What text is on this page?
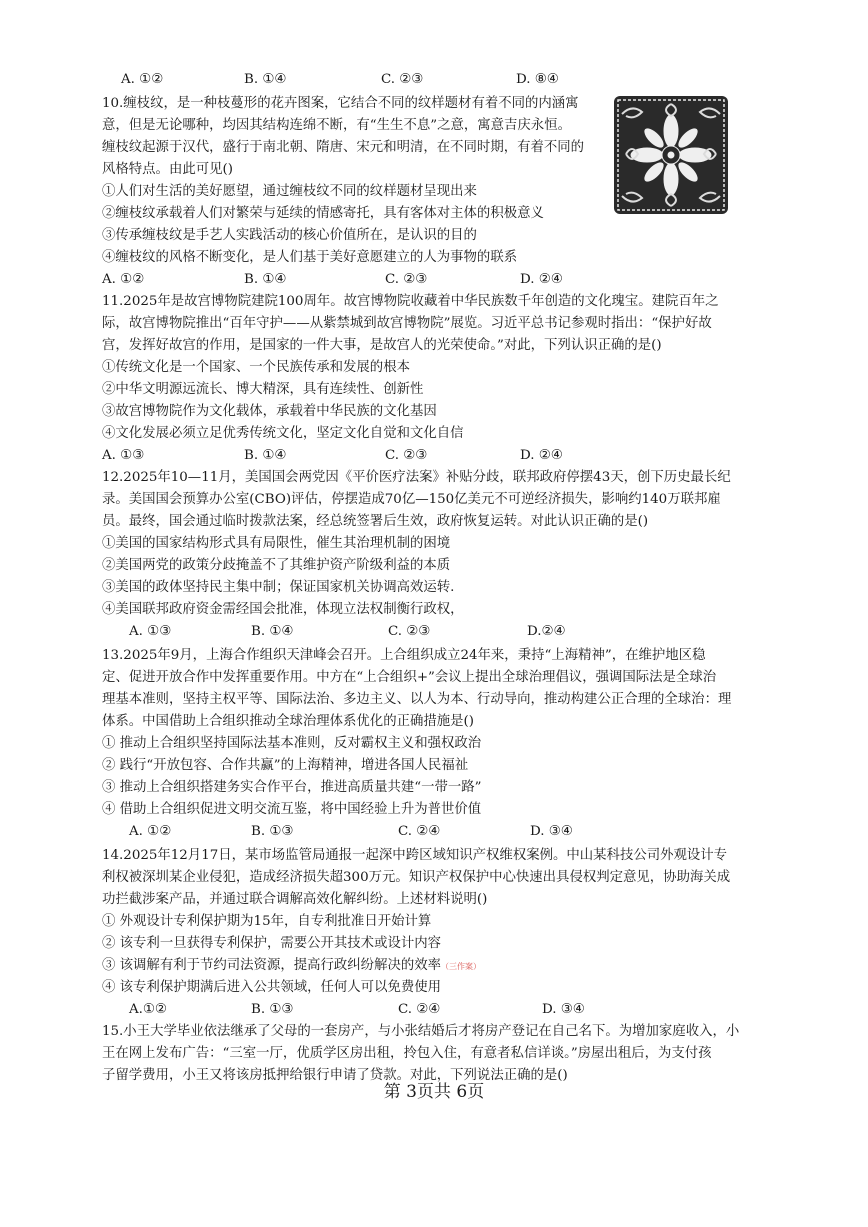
A. ①②	B. ①④	C. ②③	D. ⑧④
10.缠枝纹，是一种枝蔓形的花卉图案，它结合不同的纹样题材有着不同的内涵寓
意，但是无论哪种，均因其结构连绵不断，有“生生不息”之意，寓意吉庆永恒。
缠枝纹起源于汉代，盛行于南北朝、隋唐、宋元和明清，在不同时期，有着不同的
风格特点。由此可见()
①人们对生活的美好愿望，通过缠枝纹不同的纹样题材呈现出来
②缠枝纹承载着人们对繁荣与延续的情感寄托，具有客体对主体的积极意义
③传承缠枝纹是手艺人实践活动的核心价值所在，是认识的目的
④缠枝纹的风格不断变化，是人们基于美好意愿建立的人为事物的联系
A. ①②	B. ①④	C. ②③	D. ②④
11.2025年是故宫博物院建院100周年。故宫博物院收藏着中华民族数千年创造的文化瑰宝。建院百年之
际，故宫博物院推出“百年守护——从紫禁城到故宫博物院”展览。习近平总书记参观时指出：“保护好故
宫，发挥好故宫的作用，是国家的一件大事，是故宫人的光荣使命。”对此，下列认识正确的是()
①传统文化是一个国家、一个民族传承和发展的根本
②中华文明源远流长、博大精深，具有连续性、创新性
③故宫博物院作为文化载体，承载着中华民族的文化基因
④文化发展必须立足优秀传统文化，坚定文化自觉和文化自信
A. ①③	B. ①④	C. ②③	D. ②④
12.2025年10—11月，美国国会两党因《平价医疗法案》补贴分歧，联邦政府停摆43天，创下历史最长纪
录。美国国会预算办公室(CBO)评估，停摆造成70亿—150亿美元不可逆经济损失，影响约140万联邦雇
员。最终，国会通过临时拨款法案，经总统签署后生效，政府恢复运转。对此认识正确的是()
①美国的国家结构形式具有局限性，催生其治理机制的困境
②美国两党的政策分歧掩盖不了其维护资产阶级利益的本质
③美国的政体坚持民主集中制；保证国家机关协调高效运转.
④美国联邦政府资金需经国会批准，体现立法权制衡行政权，
A. ①③	B. ①④	C. ②③	D.②④
13.2025年9月，上海合作组织天津峰会召开。上合组织成立24年来，秉持“上海精神”，在维护地区稳
定、促进开放合作中发挥重要作用。中方在“上合组织+”会议上提出全球治理倡议，强调国际法是全球治
理基本准则，坚持主权平等、国际法治、多边主义、以人为本、行动导向，推动构建公正合理的全球治：理
体系。中国借助上合组织推动全球治理体系优化的正确措施是()
① 推动上合组织坚持国际法基本准则，反对霸权主义和强权政治
② 践行“开放包容、合作共赢”的上海精神，增进各国人民福祉
③ 推动上合组织搭建务实合作平台，推进高质量共建“一带一路”
④ 借助上合组织促进文明交流互鉴，将中国经验上升为普世价值
A. ①②	B. ①③	C. ②④	D. ③④
14.2025年12月17日，某市场监管局通报一起深中跨区域知识产权维权案例。中山某科技公司外观设计专
利权被深圳某企业侵犯，造成经济损失超300万元。知识产权保护中心快速出具侵权判定意见，协助海关成
功拦截涉案产品，并通过联合调解高效化解纠纷。上述材料说明()
① 外观设计专利保护期为15年，自专利批准日开始计算
② 该专利一旦获得专利保护，需要公开其技术或设计内容
③ 该调解有利于节约司法资源，提高行政纠纷解决的效率（三作案）
④ 该专利保护期满后进入公共领域，任何人可以免费使用
A.①②	B. ①③	C. ②④	D. ③④
15.小王大学毕业依法继承了父母的一套房产，与小张结婚后才将房产登记在自己名下。为增加家庭收入，小
王在网上发布广告：“三室一厅，优质学区房出租，拎包入住，有意者私信详谈。”房屋出租后，为支付孩
子留学费用，小王又将该房抵押给银行申请了贷款。对此，下列说法正确的是()
第 3页共 6页
